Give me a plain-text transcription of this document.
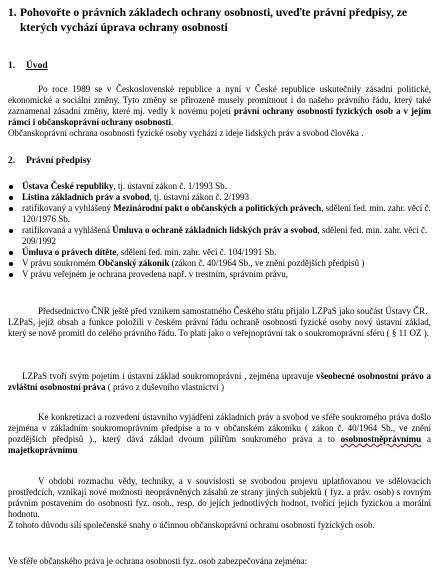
1. Pohovořte o právních základech ochrany osobnosti, uveďte právní předpisy, ze kterých vychází úprava ochrany osobnosti
1. Úvod

Po roce 1989 se v Československé republice a nyní v České republice uskutečnily zásadní politické, ekonomické a sociální změny. Tyto změny se přirozeně musely promítnout i do našeho právního řádu, který také zaznamenal zásadní změny, které mj. vedly k novému pojetí právní ochrany osobnosti fyzických osob a v jejím rámci i občanskoprávní ochrany osobnosti.

Občanskoprávní ochrana osobnosti fyzické osoby vychází z ideje lidských práv a svobod člověka .

2. Právní předpisy
Ústava České republiky, tj. ústavní zákon č. 1/1993 Sb.
Listina základních práv a svobod, tj. ústavní zákon č. 2/1993
ratifikovaný a vyhlášený Mezinárodní pakt o občanských a politických právech, sdělení fed. min. zahr. věcí č. 120/1976 Sb.
ratifikovaná a vyhlášená Úmluva o ochraně základních lidských práv a svobod, sdělení fed. min. zahr. věcí č. 209/1992
Úmluva o právech dítěte, sdělení fed. min. zahr. věcí č. 104/1991 Sb.
V právu soukromém Občanský zákoník (zákon č. 40/1964 Sb., ve znění pozdějších předpisů )
V právu veřejném je ochrana provedena např. v trestním, správním právu,

Předsednictvo ČNR ještě před vznikem samostatného Českého státu přijalo LZPaS jako součást Ústavy ČR.

LZPaS, jejíž obsah a funkce položili v českém právní řádu ochraně osobnosti fyzické osoby nový ústavní základ, který se nově promítl do celého právního řádu. To platí jako o veřejnoprávní tak o soukromoprávní sféru ( § 11 OZ ).

LZPaS tvoří svým pojetím i ústavní základ soukromoprávní , zejména upravuje všeobecné osobnostní právo a zvláštní osobnostní práva ( právo z duševního vlastnictví )

Ke konkretizaci a rozvedení ústavního vyjádření základních práv a svobod ve sféře soukromého práva došlo zejména v základním soukromoprávním předpise a to v občanském zákoníku ( zákon č. 40/1964 Sb., ve znění pozdějších předpisů )., který dává základ dvoum pilířům soukromého práva a to osobnostněprávnímu a majetkoprávnímu

V období rozmachu vědy, techniky, a v souvislosti se svobodou projevu uplatňovanou ve sdělovacích prostředcích, vznikají nové možnosti neoprávněných zásahů ze strany jiných subjektů ( fyz. a práv. osob) s rovným právním postavením do osobnosti fyz. osob., resp. do jejích jednotlivých hodnot, tvořící jejich fyzickou a morální hodnotu.

Z tohoto důvodu sílí společenské snahy o účinnou občanskoprávní ochranu osobnosti fyzických osob.

Ve sféře občanského práva je ochrana osobnosti fyz. osob zabezpečována zejména:
